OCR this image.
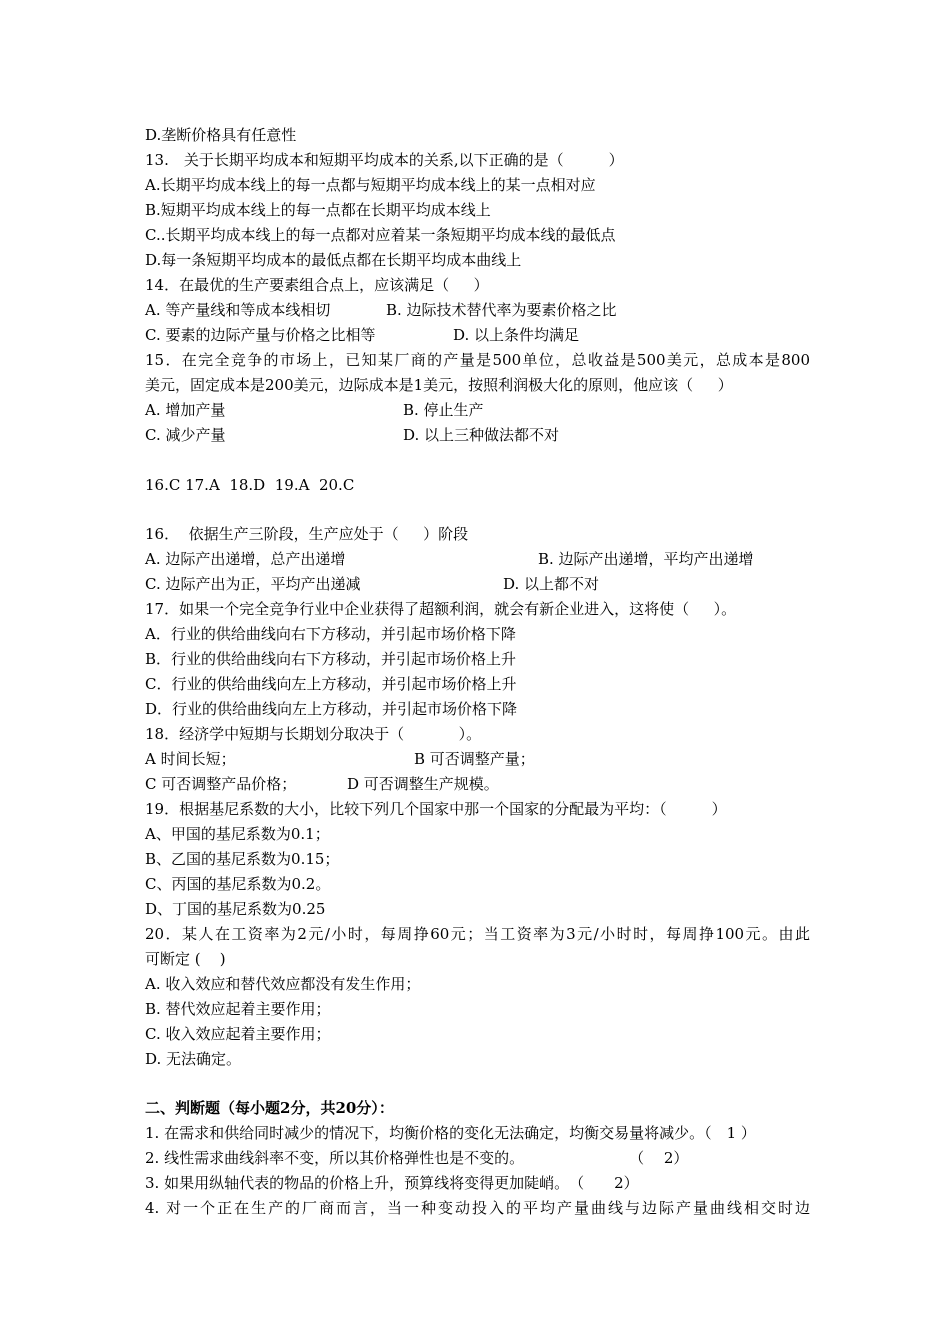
D.垄断价格具有任意性

13.　关于长期平均成本和短期平均成本的关系,以下正确的是（　　　）

A.长期平均成本线上的每一点都与短期平均成本线上的某一点相对应

B.短期平均成本线上的每一点都在长期平均成本线上

C..长期平均成本线上的每一点都对应着某一条短期平均成本线的最低点

D.每一条短期平均成本的最低点都在长期平均成本曲线上

14．在最优的生产要素组合点上，应该满足（　  ）

A. 等产量线和等成本线相切	B. 边际技术替代率为要素价格之比

C. 要素的边际产量与价格之比相等	D. 以上条件均满足

15．在完全竞争的市场上，已知某厂商的产量是500单位，总收益是500美元，总成本是800

美元，固定成本是200美元，边际成本是1美元，按照利润极大化的原则，他应该（　  ）

A. 增加产量	B. 停止生产

C. 减少产量	D. 以上三种做法都不对

16.C 17.A  18.D  19.A  20.C

16．  依据生产三阶段，生产应处于（　  ）阶段

A. 边际产出递增，总产出递增	B. 边际产出递增，平均产出递增

C. 边际产出为正，平均产出递减	D. 以上都不对

17．如果一个完全竞争行业中企业获得了超额利润，就会有新企业进入，这将使（　  ）。

A．行业的供给曲线向右下方移动，并引起市场价格下降

B．行业的供给曲线向右下方移动，并引起市场价格上升

C．行业的供给曲线向左上方移动，并引起市场价格上升

D．行业的供给曲线向左上方移动，并引起市场价格下降

18．经济学中短期与长期划分取决于（　　　  ）。

A 时间长短；	B 可否调整产量；

C 可否调整产品价格；	D 可否调整生产规模。

19．根据基尼系数的大小，比较下列几个国家中那一个国家的分配最为平均：（　　　）

A、甲国的基尼系数为0.1；

B、乙国的基尼系数为0.15；

C、丙国的基尼系数为0.2。

D、丁国的基尼系数为0.25

20．某人在工资率为2元/小时，每周挣60元；当工资率为3元/小时时，每周挣100元。由此

可断定 (    )

A. 收入效应和替代效应都没有发生作用；

B. 替代效应起着主要作用；

C. 收入效应起着主要作用；

D. 无法确定。

二、判断题（每小题2分，共20分）：

1. 在需求和供给同时减少的情况下，均衡价格的变化无法确定，均衡交易量将减少。（　1 ）

2. 线性需求曲线斜率不变，所以其价格弹性也是不变的。　　　　　　　　（　 2）

3. 如果用纵轴代表的物品的价格上升，预算线将变得更加陡峭。　（　　2）

4. 对一个正在生产的厂商而言，当一种变动投入的平均产量曲线与边际产量曲线相交时边
